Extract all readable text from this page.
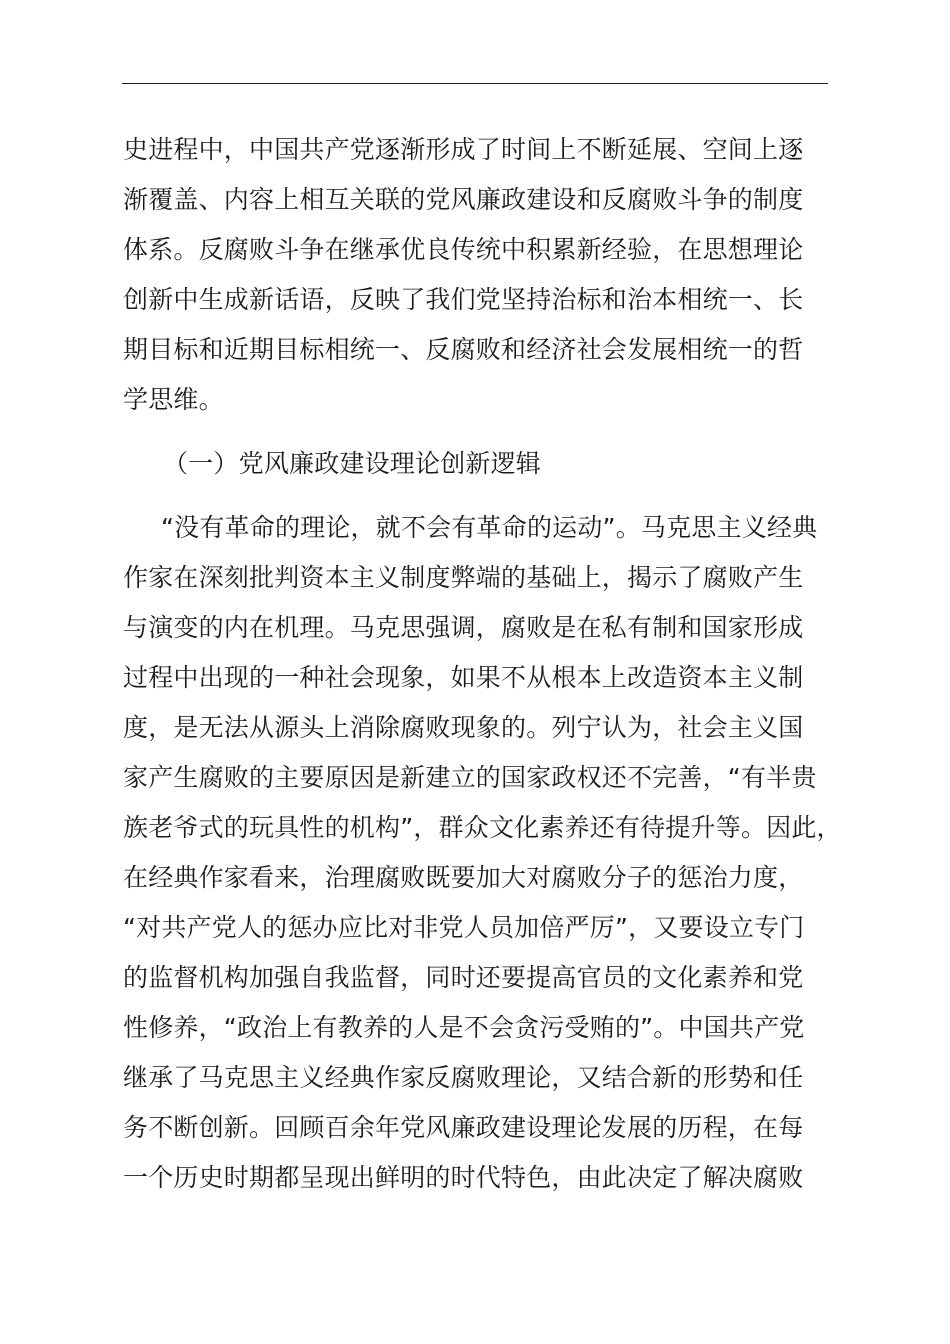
史进程中，中国共产党逐渐形成了时间上不断延展、空间上逐
渐覆盖、内容上相互关联的党风廉政建设和反腐败斗争的制度
体系。反腐败斗争在继承优良传统中积累新经验，在思想理论
创新中生成新话语，反映了我们党坚持治标和治本相统一、长
期目标和近期目标相统一、反腐败和经济社会发展相统一的哲
学思维。
（一）党风廉政建设理论创新逻辑
“没有革命的理论，就不会有革命的运动”。马克思主义经典
作家在深刻批判资本主义制度弊端的基础上，揭示了腐败产生
与演变的内在机理。马克思强调，腐败是在私有制和国家形成
过程中出现的一种社会现象，如果不从根本上改造资本主义制
度，是无法从源头上消除腐败现象的。列宁认为，社会主义国
家产生腐败的主要原因是新建立的国家政权还不完善，“有半贵
族老爷式的玩具性的机构”，群众文化素养还有待提升等。因此，
在经典作家看来，治理腐败既要加大对腐败分子的惩治力度，
“对共产党人的惩办应比对非党人员加倍严厉”，又要设立专门
的监督机构加强自我监督，同时还要提高官员的文化素养和党
性修养，“政治上有教养的人是不会贪污受贿的”。中国共产党
继承了马克思主义经典作家反腐败理论，又结合新的形势和任
务不断创新。回顾百余年党风廉政建设理论发展的历程，在每
一个历史时期都呈现出鲜明的时代特色，由此决定了解决腐败
